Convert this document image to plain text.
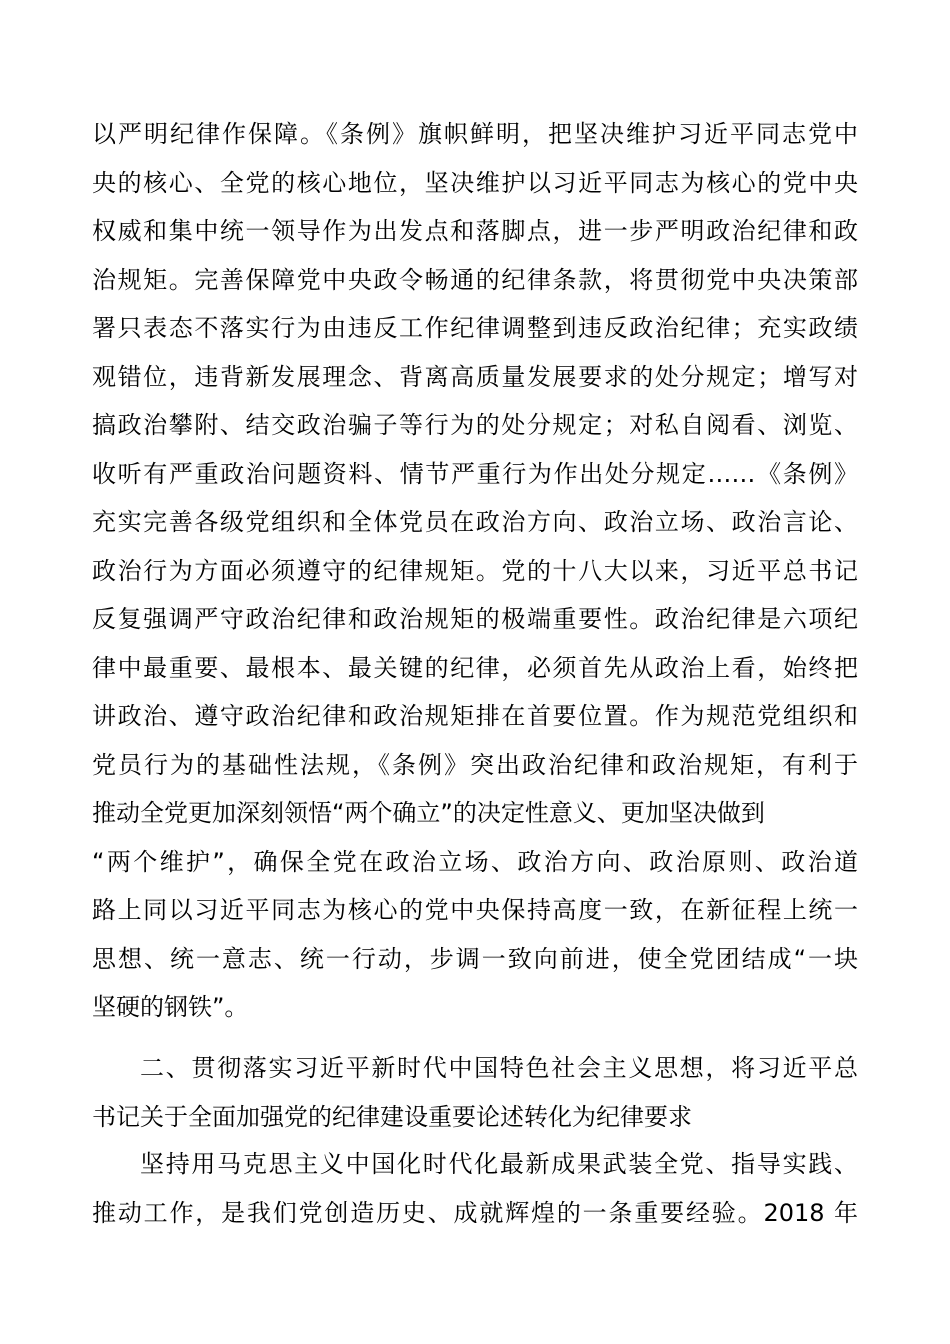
以严明纪律作保障。《条例》旗帜鲜明，把坚决维护习近平同志党中
央的核心、全党的核心地位，坚决维护以习近平同志为核心的党中央
权威和集中统一领导作为出发点和落脚点，进一步严明政治纪律和政
治规矩。完善保障党中央政令畅通的纪律条款，将贯彻党中央决策部
署只表态不落实行为由违反工作纪律调整到违反政治纪律；充实政绩
观错位，违背新发展理念、背离高质量发展要求的处分规定；增写对
搞政治攀附、结交政治骗子等行为的处分规定；对私自阅看、浏览、
收听有严重政治问题资料、情节严重行为作出处分规定……《条例》
充实完善各级党组织和全体党员在政治方向、政治立场、政治言论、
政治行为方面必须遵守的纪律规矩。党的十八大以来，习近平总书记
反复强调严守政治纪律和政治规矩的极端重要性。政治纪律是六项纪
律中最重要、最根本、最关键的纪律，必须首先从政治上看，始终把
讲政治、遵守政治纪律和政治规矩排在首要位置。作为规范党组织和
党员行为的基础性法规，《条例》突出政治纪律和政治规矩，有利于
推动全党更加深刻领悟“两个确立”的决定性意义、更加坚决做到
“两个维护”，确保全党在政治立场、政治方向、政治原则、政治道
路上同以习近平同志为核心的党中央保持高度一致，在新征程上统一
思想、统一意志、统一行动，步调一致向前进，使全党团结成“一块
坚硬的钢铁”。
二、贯彻落实习近平新时代中国特色社会主义思想，将习近平总
书记关于全面加强党的纪律建设重要论述转化为纪律要求
坚持用马克思主义中国化时代化最新成果武装全党、指导实践、
推动工作，是我们党创造历史、成就辉煌的一条重要经验。2018 年
